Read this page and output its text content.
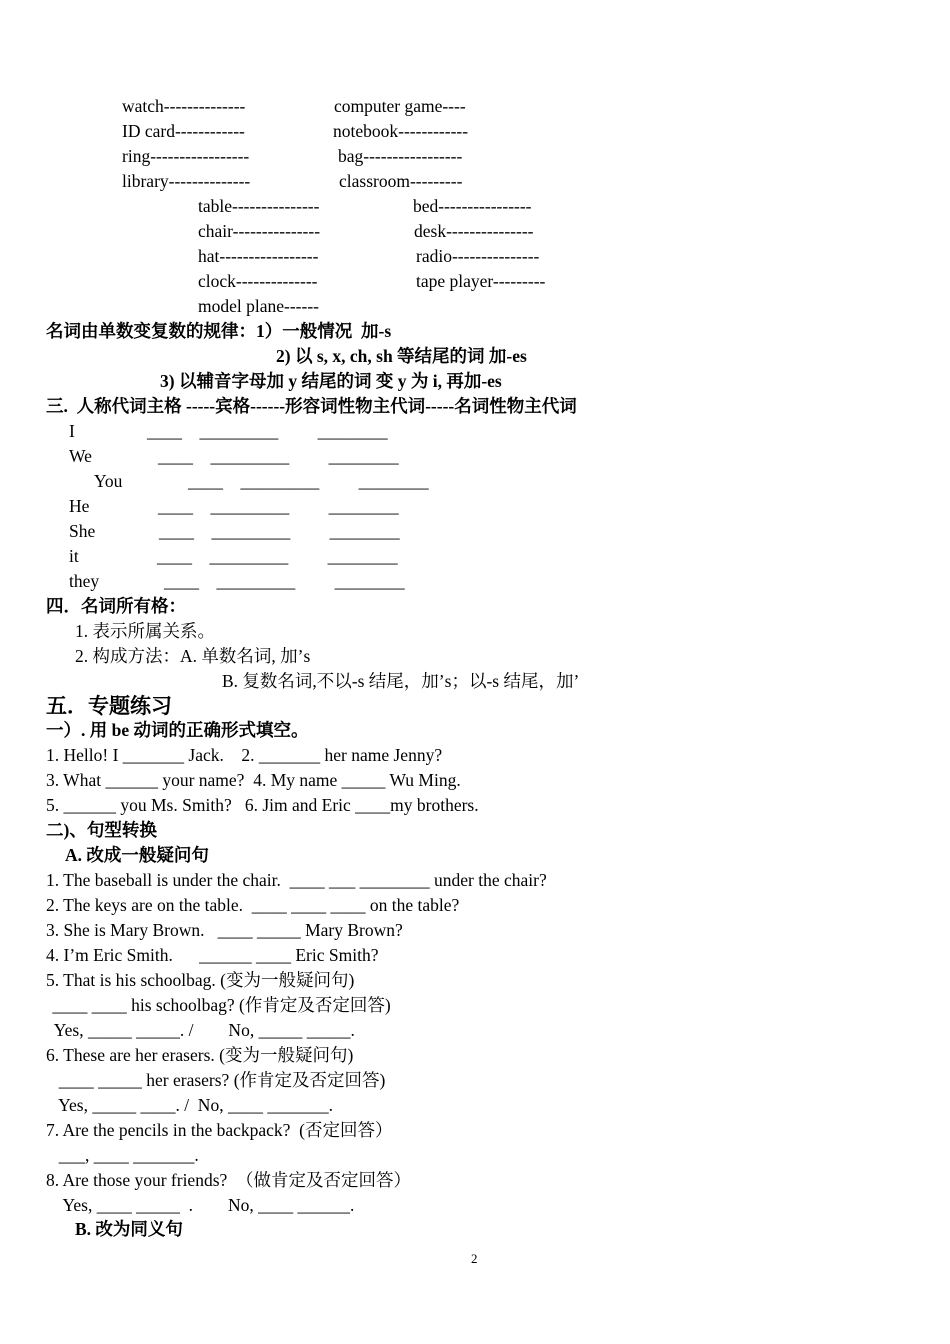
watch--------------	computer game----
ID card------------	notebook------------
ring-----------------	bag-----------------
library--------------	classroom---------
table---------------	bed----------------
chair---------------	desk---------------
hat-----------------	radio---------------
clock--------------	tape player---------
model plane------
名词由单数变复数的规律：1）一般情况  加-s
2) 以 s, x, ch, sh 等结尾的词 加-es
3) 以辅音字母加 y 结尾的词 变 y 为 i, 再加-es
三.  人称代词主格 -----宾格------形容词性物主代词-----名词性物主代词
I	____    _________         ________
We	____    _________         ________
You	____    _________         ________
He	____    _________         ________
She	____    _________         ________
it	____    _________         ________
they	____    _________         ________
四．名词所有格：
1. 表示所属关系。
2. 构成方法：A. 单数名词, 加’s
B. 复数名词,不以-s 结尾，加’s；以-s 结尾，加’
五．专题练习
一）. 用 be 动词的正确形式填空。
1. Hello! I _______ Jack.    2. _______ her name Jenny?
3. What ______ your name?  4. My name _____ Wu Ming.
5. ______ you Ms. Smith?   6. Jim and Eric ____my brothers.
二)、句型转换
A. 改成一般疑问句
1. The baseball is under the chair.  ____ ___ ________ under the chair?
2. The keys are on the table.  ____ ____ ____ on the table?
3. She is Mary Brown.   ____ _____ Mary Brown?
4. I’m Eric Smith.      ______ ____ Eric Smith?
5. That is his schoolbag. (变为一般疑问句)
____ ____ his schoolbag? (作肯定及否定回答)
Yes, _____ _____. /        No, _____ _____.
6. These are her erasers. (变为一般疑问句)
____ _____ her erasers? (作肯定及否定回答)
Yes, _____ ____. /  No, ____ _______.
7. Are the pencils in the backpack?  (否定回答）
___, ____ _______.
8. Are those your friends?  （做肯定及否定回答）
Yes, ____ _____  .        No, ____ ______.
B. 改为同义句
2
